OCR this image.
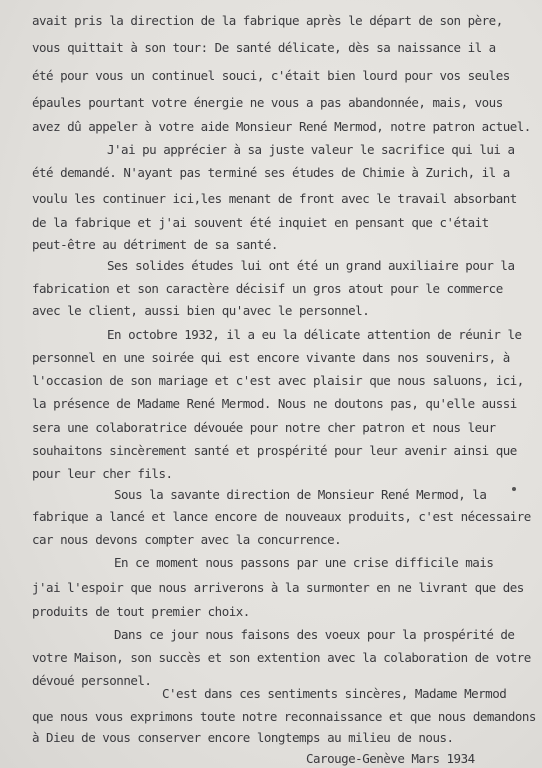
avait pris la direction de la fabrique après le départ de son père,
vous quittait à son tour: De santé délicate, dès sa naissance il a
été pour vous un continuel souci, c'était bien lourd pour vos seules
épaules pourtant votre énergie ne vous a pas abandonnée, mais, vous
avez dû appeler à votre aide Monsieur René Mermod, notre patron actuel.
J'ai pu apprécier à sa juste valeur le sacrifice qui lui a
été demandé. N'ayant pas terminé ses études de Chimie à Zurich, il a
voulu les continuer ici,les menant de front avec le travail absorbant
de la fabrique et j'ai souvent été inquiet en pensant que c'était
peut-être au détriment de sa santé.
Ses solides études lui ont été un grand auxiliaire pour la
fabrication et son caractère décisif un gros atout pour le commerce
avec le client, aussi bien qu'avec le personnel.
En octobre 1932, il a eu la délicate attention de réunir le
personnel en une soirée qui est encore vivante dans nos souvenirs, à
l'occasion de son mariage et c'est avec plaisir que nous saluons, ici,
la présence de Madame René Mermod. Nous ne doutons pas, qu'elle aussi
sera une colaboratrice dévouée pour notre cher patron et nous leur
souhaitons sincèrement santé et prospérité pour leur avenir ainsi que
pour leur cher fils.
Sous la savante direction de Monsieur René Mermod, la
fabrique a lancé et lance encore de nouveaux produits, c'est nécessaire
car nous devons compter avec la concurrence.
En ce moment nous passons par une crise difficile mais
j'ai l'espoir que nous arriverons à la surmonter en ne livrant que des
produits de tout premier choix.
Dans ce jour nous faisons des voeux pour la prospérité de
votre Maison, son succès et son extention avec la colaboration de votre
dévoué personnel.
C'est dans ces sentiments sincères, Madame Mermod
que nous vous exprimons toute notre reconnaissance et que nous demandons
à Dieu de vous conserver encore longtemps au milieu de nous.
Carouge-Genève Mars 1934
